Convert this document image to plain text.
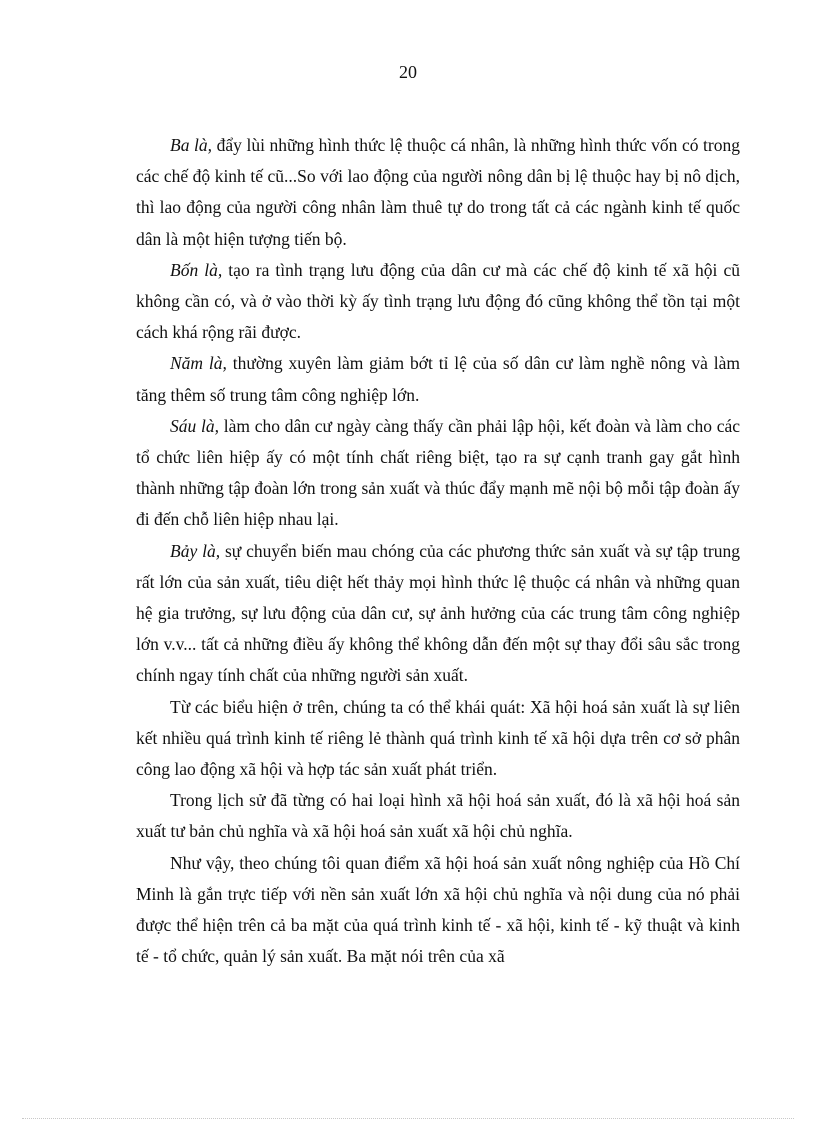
20

Ba là, đẩy lùi những hình thức lệ thuộc cá nhân, là những hình thức vốn có trong các chế độ kinh tế cũ...So với lao động của người nông dân bị lệ thuộc hay bị nô dịch, thì lao động của người công nhân làm thuê tự do trong tất cả các ngành kinh tế quốc dân là một hiện tượng tiến bộ.

Bốn là, tạo ra tình trạng lưu động của dân cư mà các chế độ kinh tế xã hội cũ không cần có, và ở vào thời kỳ ấy tình trạng lưu động đó cũng không thể tồn tại một cách khá rộng rãi được.

Năm là, thường xuyên làm giảm bớt tỉ lệ của số dân cư làm nghề nông và làm tăng thêm số trung tâm công nghiệp lớn.

Sáu là, làm cho dân cư ngày càng thấy cần phải lập hội, kết đoàn và làm cho các tổ chức liên hiệp ấy có một tính chất riêng biệt, tạo ra sự cạnh tranh gay gắt hình thành những tập đoàn lớn trong sản xuất và thúc đẩy mạnh mẽ nội bộ mỗi tập đoàn ấy đi đến chỗ liên hiệp nhau lại.

Bảy là, sự chuyển biến mau chóng của các phương thức sản xuất và sự tập trung rất lớn của sản xuất, tiêu diệt hết thảy mọi hình thức lệ thuộc cá nhân và những quan hệ gia trưởng, sự lưu động của dân cư, sự ảnh hưởng của các trung tâm công nghiệp lớn v.v... tất cả những điều ấy không thể không dẫn đến một sự thay đổi sâu sắc trong chính ngay tính chất của những người sản xuất.

Từ các biểu hiện ở trên, chúng ta có thể khái quát: Xã hội hoá sản xuất là sự liên kết nhiều quá trình kinh tế riêng lẻ thành quá trình kinh tế xã hội dựa trên cơ sở phân công lao động xã hội và hợp tác sản xuất phát triển.

Trong lịch sử đã từng có hai loại hình xã hội hoá sản xuất, đó là xã hội hoá sản xuất tư bản chủ nghĩa và xã hội hoá sản xuất xã hội chủ nghĩa.

Như vậy, theo chúng tôi quan điểm xã hội hoá sản xuất nông nghiệp của Hồ Chí Minh là gắn trực tiếp với nền sản xuất lớn xã hội chủ nghĩa và nội dung của nó phải được thể hiện trên cả ba mặt của quá trình kinh tế - xã hội, kinh tế - kỹ thuật và kinh tế - tổ chức, quản lý sản xuất. Ba mặt nói trên của xã
